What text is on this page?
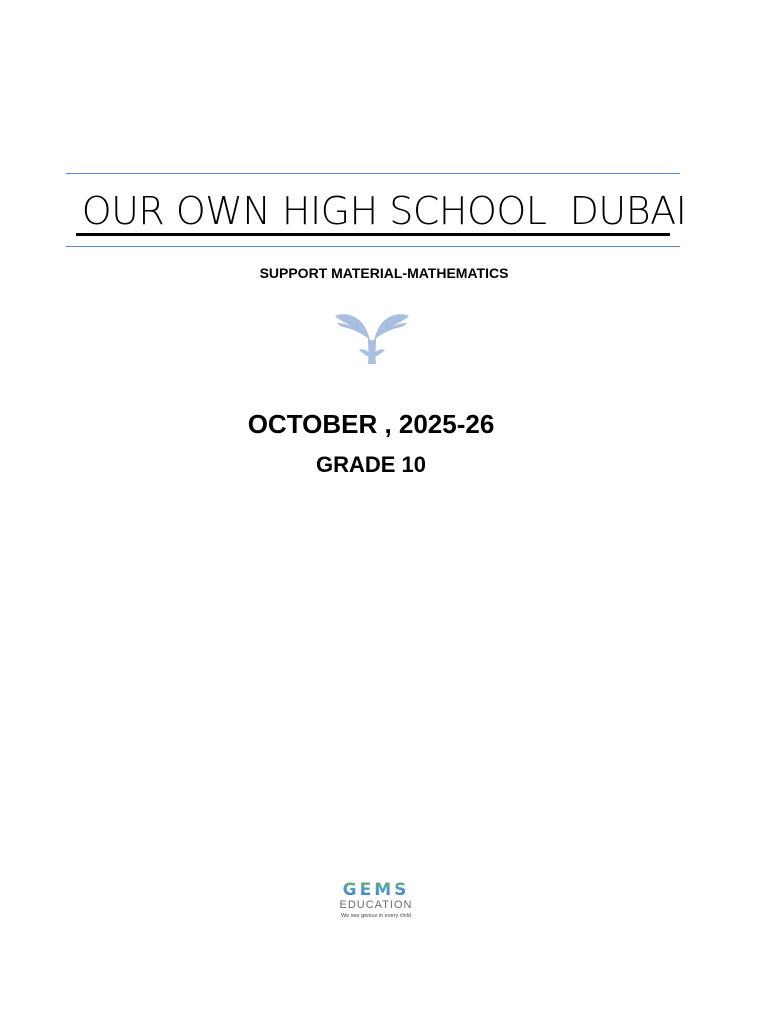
OUR OWN HIGH SCHOOL  DUBAI
SUPPORT MATERIAL-MATHEMATICS
OCTOBER , 2025-26
GRADE 10
GEMS
EDUCATION
We see genius in every child
